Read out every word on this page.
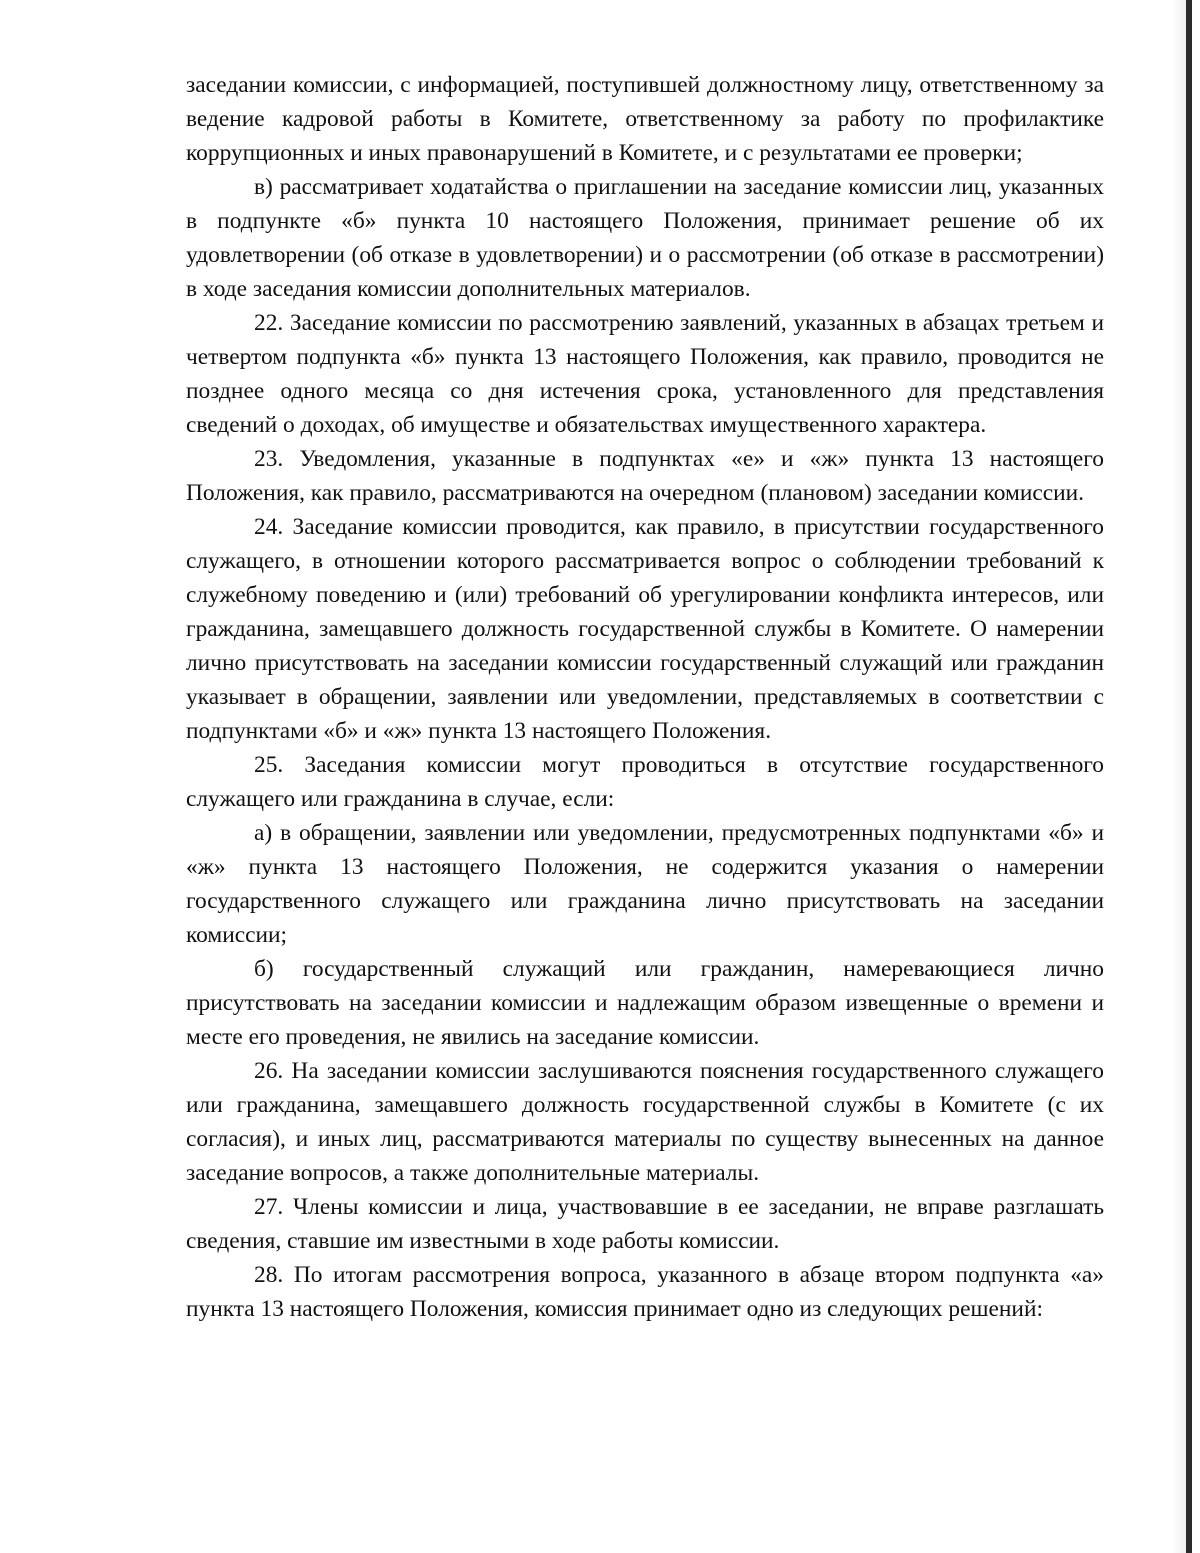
заседании комиссии, с информацией, поступившей должностному лицу, ответственному за ведение кадровой работы в Комитете, ответственному за работу по профилактике коррупционных и иных правонарушений в Комитете, и с результатами ее проверки;

в) рассматривает ходатайства о приглашении на заседание комиссии лиц, указанных в подпункте «б» пункта 10 настоящего Положения, принимает решение об их удовлетворении (об отказе в удовлетворении) и о рассмотрении (об отказе в рассмотрении) в ходе заседания комиссии дополнительных материалов.

22. Заседание комиссии по рассмотрению заявлений, указанных в абзацах третьем и четвертом подпункта «б» пункта 13 настоящего Положения, как правило, проводится не позднее одного месяца со дня истечения срока, установленного для представления сведений о доходах, об имуществе и обязательствах имущественного характера.

23. Уведомления, указанные в подпунктах «е» и «ж» пункта 13 настоящего Положения, как правило, рассматриваются на очередном (плановом) заседании комиссии.

24. Заседание комиссии проводится, как правило, в присутствии государственного служащего, в отношении которого рассматривается вопрос о соблюдении требований к служебному поведению и (или) требований об урегулировании конфликта интересов, или гражданина, замещавшего должность государственной службы в Комитете. О намерении лично присутствовать на заседании комиссии государственный служащий или гражданин указывает в обращении, заявлении или уведомлении, представляемых в соответствии с подпунктами «б» и «ж» пункта 13 настоящего Положения.

25. Заседания комиссии могут проводиться в отсутствие государственного служащего или гражданина в случае, если:

а) в обращении, заявлении или уведомлении, предусмотренных подпунктами «б» и «ж» пункта 13 настоящего Положения, не содержится указания о намерении государственного служащего или гражданина лично присутствовать на заседании комиссии;

б) государственный служащий или гражданин, намеревающиеся лично присутствовать на заседании комиссии и надлежащим образом извещенные о времени и месте его проведения, не явились на заседание комиссии.

26. На заседании комиссии заслушиваются пояснения государственного служащего или гражданина, замещавшего должность государственной службы в Комитете (с их согласия), и иных лиц, рассматриваются материалы по существу вынесенных на данное заседание вопросов, а также дополнительные материалы.

27. Члены комиссии и лица, участвовавшие в ее заседании, не вправе разглашать сведения, ставшие им известными в ходе работы комиссии.

28. По итогам рассмотрения вопроса, указанного в абзаце втором подпункта «а» пункта 13 настоящего Положения, комиссия принимает одно из следующих решений:
